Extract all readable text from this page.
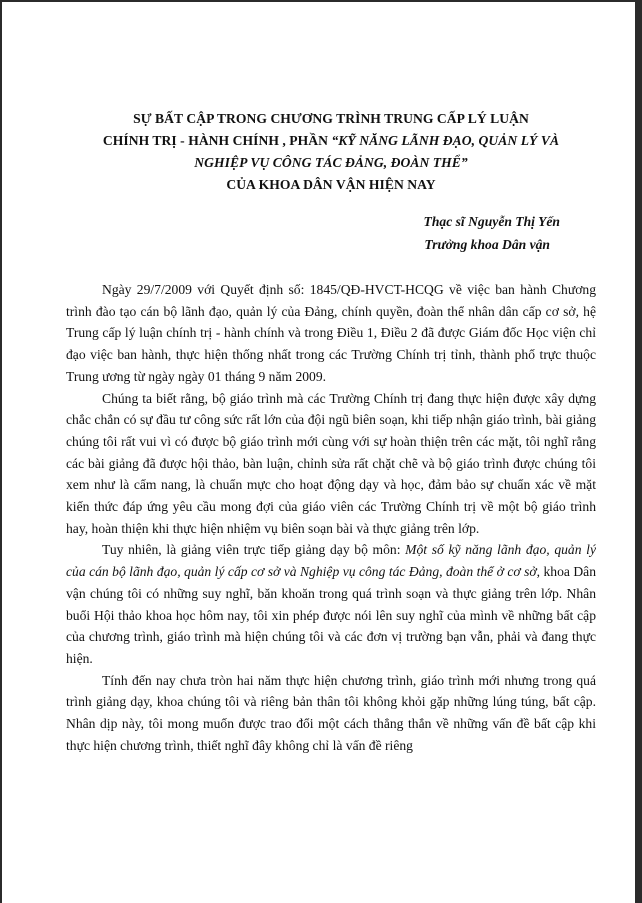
SỰ BẤT CẬP TRONG CHƯƠNG TRÌNH TRUNG CẤP LÝ LUẬN

CHÍNH TRỊ - HÀNH CHÍNH , PHẦN “KỸ NĂNG LÃNH ĐẠO, QUẢN LÝ VÀ

NGHIỆP VỤ CÔNG TÁC ĐẢNG, ĐOÀN THỂ”

CỦA KHOA DÂN VẬN HIỆN NAY

Thạc sĩ Nguyễn Thị Yến
Trưởng khoa Dân vận

Ngày 29/7/2009 với Quyết định số: 1845/QĐ-HVCT-HCQG về việc ban hành Chương trình đào tạo cán bộ lãnh đạo, quản lý của Đảng, chính quyền, đoàn thể nhân dân cấp cơ sở, hệ Trung cấp lý luận chính trị - hành chính và trong Điều 1, Điều 2 đã được Giám đốc Học viện chỉ đạo việc ban hành, thực hiện thống nhất trong các Trường Chính trị tỉnh, thành phố trực thuộc Trung ương từ ngày ngày 01 tháng 9 năm 2009.

Chúng ta biết rằng, bộ giáo trình mà các Trường Chính trị đang thực hiện được xây dựng chắc chắn có sự đầu tư công sức rất lớn của đội ngũ biên soạn, khi tiếp nhận giáo trình, bài giảng chúng tôi rất vui vì có được bộ giáo trình mới cùng với sự hoàn thiện trên các mặt, tôi nghĩ rằng các bài giảng đã được hội thảo, bàn luận, chỉnh sửa rất chặt chẽ và bộ giáo trình được chúng tôi xem như là cẩm nang, là chuẩn mực cho hoạt động dạy và học, đảm bảo sự chuẩn xác về mặt kiến thức đáp ứng yêu cầu mong đợi của giáo viên các Trường Chính trị về một bộ giáo trình hay, hoàn thiện khi thực hiện nhiệm vụ biên soạn bài và thực giảng trên lớp.

Tuy nhiên, là giảng viên trực tiếp giảng dạy bộ môn: Một số kỹ năng lãnh đạo, quản lý của cán bộ lãnh đạo, quản lý cấp cơ sở và Nghiệp vụ công tác Đảng, đoàn thể ở cơ sở, khoa Dân vận chúng tôi có những suy nghĩ, băn khoăn trong quá trình soạn và thực giảng trên lớp. Nhân buổi Hội thảo khoa học hôm nay, tôi xin phép được nói lên suy nghĩ của mình về những bất cập của chương trình, giáo trình mà hiện chúng tôi và các đơn vị trường bạn vẫn, phải và đang thực hiện.

Tính đến nay chưa tròn hai năm thực hiện chương trình, giáo trình mới nhưng trong quá trình giảng dạy, khoa chúng tôi và riêng bản thân tôi không khỏi gặp những lúng túng, bất cập. Nhân dịp này, tôi mong muốn được trao đổi một cách thẳng thắn về những vấn đề bất cập khi thực hiện chương trình, thiết nghĩ đây không chỉ là vấn đề riêng
